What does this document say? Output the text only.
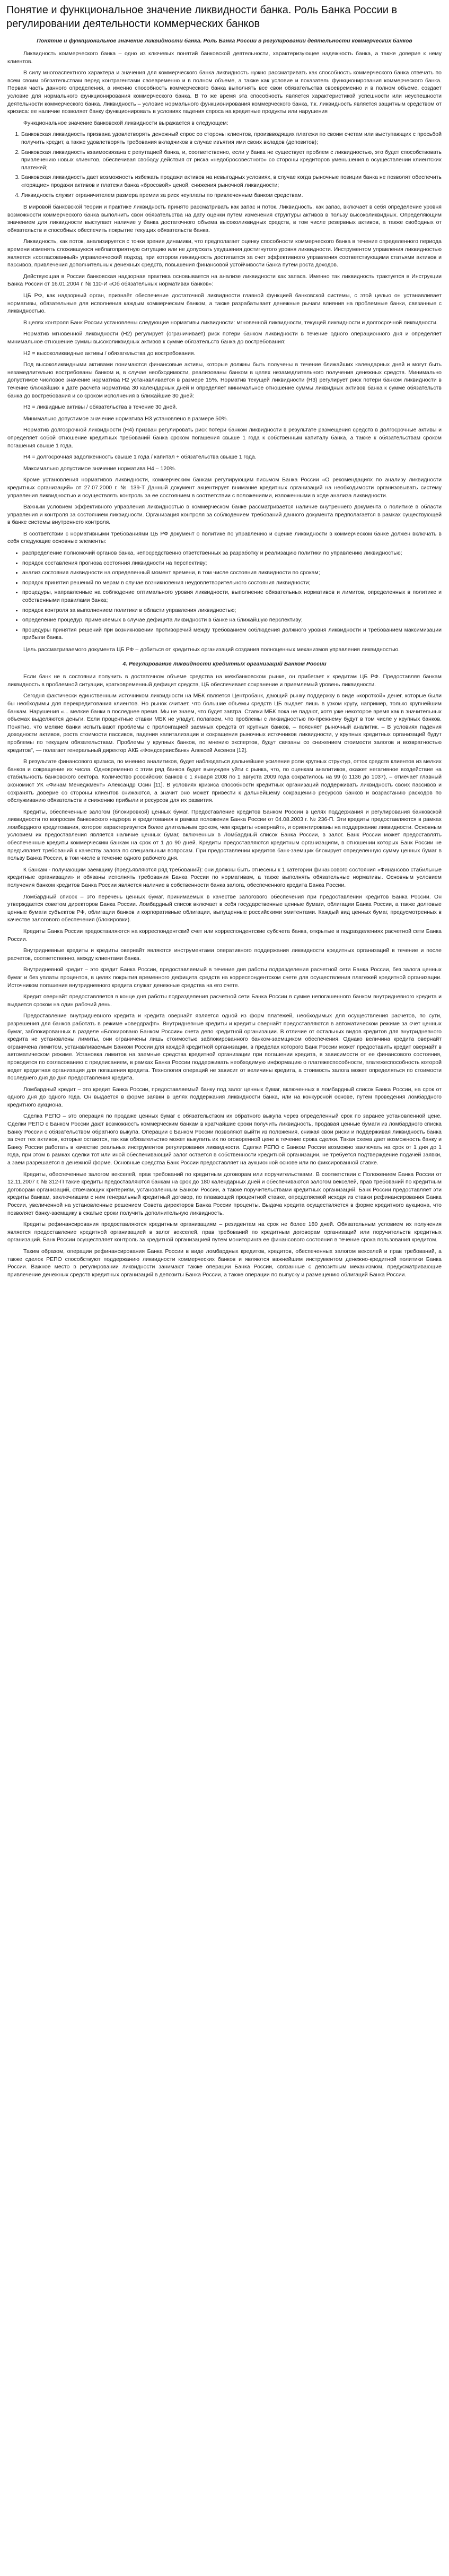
Понятие и функциональное значение ликвидности банка. Роль Банка России в регулировании деятельности коммерческих банков
Понятие и функциональное значение ликвидности банка. Роль Банка России в регулировании деятельности коммерческих банков

Ликвидность коммерческого банка – одно из ключевых понятий банковской деятельности, характеризующее надежность банка, а также доверие к нему клиентов.

В силу многоаспектного характера и значения для коммерческого банка ликвидность нужно рассматривать как способность коммерческого банка отвечать по всем своим обязательствам перед контрагентами своевременно и в полном объеме, а также как условие и показатель функционирования коммерческого банка. Первая часть данного определения, а именно способность коммерческого банка выполнять все свои обязательства своевременно и в полном объеме, создает условие для нормального функционирования коммерческого банка. В то же время эта способность является характеристикой успешности или неуспешности деятельности коммерческого банка. Ликвидность – условие нормального функционирования коммерческого банка, т.к. ликвидность является защитным средством от кризиса: ее наличие позволяет банку функционировать в условиях падения спроса на кредитные продукты или нарушения

Функциональное значение банковской ликвидности выражается в следующем:

1. Банковская ликвидность призвана удовлетворять денежный спрос со стороны клиентов, произвводящих платежи по своим счетам или выступающих с просьбой получить кредит, а также удовлетворять требования вкладчиков в случае изъятия ими своих вкладов (депозитов);
2. Банковская ликвидность взаимосвязана с репутацией банка, и, соответственно, если у банка не существует проблем с ликвидностью, это будет способствовать привлечению новых клиентов, обеспечивая свободу действия от риска «недобросовестного» со стороны кредиторов уменьшения в осуществлении клиентских платежей;
3. Банковская ликвидность дает возможность избежать продажи активов на невыгодных условиях, в случае когда рыночные позиции банка не позволят обеспечить «горящие» продажи активов и платежи банка «бросовой» ценой, снижения рыночной ликвидности;
4. Ликвидность служит ограничителем размера премии за риск неуплаты по привлеченным банком средствам.

В мировой банковской теории и практике ликвидность принято рассматривать как запас и поток. Ликвидность, как запас, включает в себя определение уровня возможности коммерческого банка выполнить свои обязательства на дату оценки путем изменения структуры активов в пользу высоколиквидных. Определяющим значением для ликвидности выступает наличие у банка достаточного объема высоколиквидных средств, в том числе резервных активов, а также свободных от обязательств и способных обеспечить покрытие текущих обязательств банка.

Ликвидность, как поток, анализируется с точки зрения динамики, что предполагает оценку способности коммерческого банка в течение определенного периода времени изменять сложившуюся неблагоприятную ситуацию или не допускать ухудшения достигнутого уровня ликвидности. Инструментом управления ликвидностью является «согласованный» управленческий подход, при котором ликвидность достигается за счет эффективного управления соответствующими статьями активов и пассивов, привлечения дополнительных денежных средств, повышения финансовой устойчивости банка путем роста доходов.

Действующая в России банковская надзорная практика основывается на анализе ликвидности как запаса. Именно так ликвидность трактуется в Инструкции Банка России от 16.01.2004 г. № 110-И «Об обязательных нормативах банков»:

ЦБ РФ, как надзорный орган, признаёт обеспечение достаточной ликвидности главной функцией банковской системы, с этой целью он устанавливает нормативы, обязательные для исполнения каждым коммерческим банком, а также разрабатывает денежные рычаги влияния на проблемные банки, связанные с ликвидностью.

В целях контроля Банк России установлены следующие нормативы ликвидности: мгновенной ликвидности, текущей ликвидности и долгосрочной ликвидности.

Норматив мгновенной ликвидности (Н2) регулирует (ограничивает) риск потери банком ликвидности в течение одного операционного дня и определяет минимальное отношение суммы высоколиквидных активов к сумме обязательств банка до востребования:

Н2 = высоколиквидные активы / обязательства до востребования.

Под высоколиквидными активами понимаются финансовые активы, которые должны быть получены в течение ближайших календарных дней и могут быть незамедлительно востребованы банком и, в случае необходимости, реализованы банком в целях незамедлительного получения денежных средств. Минимально допустимое числовое значение норматива Н2 устанавливается в размере 15%. Норматив текущей ликвидности (Н3) регулирует риск потери банком ликвидности в течение ближайших к дате расчета норматива 30 календарных дней и определяет минимальное отношение суммы ликвидных активов банка к сумме обязательств банка до востребования и со сроком исполнения в ближайшие 30 дней:

Н3 = ликвидные активы / обязательства в течение 30 дней.

Минимально допустимое значение норматива Н3 установлено в размере 50%.

Норматив долгосрочной ликвидности (Н4) призван регулировать риск потери банком ликвидности в результате размещения средств в долгосрочные активы и определяет собой отношение кредитных требований банка сроком погашения свыше 1 года к собственным капиталу банка, а также к обязательствам сроком погашения свыше 1 года.

Н4 = долгосрочная задолженность свыше 1 года / капитал + обязательства свыше 1 года.

Максимально допустимое значение норматива Н4 – 120%.

Кроме установления нормативов ликвидности, коммерческим банкам регулирующим письмом Банка России «О рекомендациях по анализу ликвидности кредитных организаций» от 27.07.2000 г. № 139-Т Данный документ акцентирует внимание кредитных организаций на необходимости организовывать систему управления ликвидностью и осуществлять контроль за ее состоянием в соответствии с положениями, изложенными в ходе анализа ликвидности.

Важным условием эффективного управления ликвидностью в коммерческом банке рассматривается наличие внутреннего документа о политике в области управления и контроля за состоянием ликвидности. Организация контроля за соблюдением требований данного документа предполагается в рамках существующей в банке системы внутреннего контроля.

В соответствии с нормативными требованиями ЦБ РФ документ о политике по управлению и оценке ликвидности в коммерческом банке должен включать в себя следующие основные элементы:

• распределение полномочий органов банка, непосредственно ответственных за разработку и реализацию политики по управлению ликвидностью;
• порядок составления прогноза состояния ликвидности на перспективу;
• анализ состояния ликвидности на определенный момент времени, в том числе состояния ликвидности по срокам;
• порядок принятия решений по мерам в случае возникновения неудовлетворительного состояния ликвидности;
• процедуры, направленные на соблюдение оптимального уровня ликвидности, выполнение обязательных нормативов и лимитов, определенных в политике и собственными правилами банка;
• порядок контроля за выполнением политики в области управления ликвидностью;
• определение процедур, применяемых в случае дефицита ликвидности в банке на ближайшую перспективу;
• процедуры принятия решений при возникновении противоречий между требованием соблюдения должного уровня ликвидности и требованием максимизации прибыли банка.

Цель рассматриваемого документа ЦБ РФ – добиться от кредитных организаций создания полноценных механизмов управления ликвидностью.

4. Регулирование ликвидности кредитных организаций Банком России

Если банк не в состоянии получить в достаточном объеме средства на межбанковском рынке, он прибегает к кредитам ЦБ РФ. Предоставляя банкам ликвидность в проблемной ситуации, кратковременный дефицит средств, ЦБ обеспечивает сохранение и приемлемый уровень ликвидности.

Сегодня фактически единственным источником ликвидности на МБК является Центробанк, дающий рынку поддержку в виде «короткой» денег, которые были бы необходимы для перекредитования клиентов. Но рынок считает, что большие объемы средств ЦБ выдает лишь в узком кругу, например, только крупнейшим банкам. Нарушения «... мелкие банки в последнее время. Мы не знаем, что будет завтра. Ставки МБК пока не падают, хотя уже некоторое время как в значительных объемах выделяются деньги. Если процентные ставки МБК не упадут, полагаем, что проблемы с ликвидностью по-прежнему будут в том числе у крупных банков. Понятно, что мелкие банки испытывают проблемы с пролонгацией заемных средств от крупных банков, – поясняет рыночный аналитик. – В условиях падения доходности активов, роста стоимости пассивов, падения капитализации и сокращения рыночных источников ликвидности, у крупных кредитных организаций будут проблемы по текущим обязательствам. Проблемы у крупных банков, по мнению экспертов, будут связаны со снижением стоимости залогов и возвратностью кредитов", — полагает генеральный директор АКБ «Фондсервисбанк» Алексей Аксенов [12].

В результате финансового кризиса, по мнению аналитиков, будет наблюдаться дальнейшее усиление роли крупных структур, отток средств клиентов из мелких банков и сокращение их числа. Одновременно с этим ряд банков будет вынужден уйти с рынка, что, по оценкам аналитиков, окажет негативное воздействие на стабильность банковского сектора. Количество российских банков с 1 января 2008 по 1 августа 2009 года сократилось на 99 (с 1136 до 1037), – отмечает главный экономист УК «Финам Менеджмент» Александр Осин [11]. В условиях кризиса способности кредитных организаций поддерживать ликвидность своих пассивов и сохранять доверие со стороны клиентов снижаются, а значит оно может привести к дальнейшему сокращению ресурсов банков и возрастанию расходов по обслуживанию обязательств и снижению прибыли и ресурсов для их развития.

Кредиты, обеспеченные залогом (блокировкой) ценных бумаг. Предоставление кредитов Банком России в целях поддержания и регулирования банковской ликвидности по вопросам банковского надзора и кредитования в рамках положения Банка России от 04.08.2003 г. № 236-П. Эти кредиты предоставляются в рамках ломбардного кредитования, которое характеризуется более длительным сроком, чем кредиты «овернайт», и ориентированы на поддержание ликвидности. Основным условием их предоставления является наличие ценных бумаг, включенных в Ломбардный список Банка России, в залог. Банк России может предоставлять обеспеченные кредиты коммерческим банкам на срок от 1 до 90 дней. Кредиты предоставляются кредитным организациям, в отношении которых Банк России не предъявляет требований к качеству залога по специальным вопросам. При предоставлении кредитов банк-заемщик блокирует определенную сумму ценных бумаг в пользу Банка России, в том числе в течение одного рабочего дня.

К банкам - получающим заемщику (предъявляются ряд требований): они должны быть отнесены к 1 категории финансового состояния «Финансово стабильные кредитные организации» и обязаны исполнять требования Банка России по нормативам, а также выполнять обязательные нормативы. Основным условием получения банком кредитов Банка России является наличие в собственности банка залога, обеспеченного кредита Банка России.

Ломбардный список – это перечень ценных бумаг, принимаемых в качестве залогового обеспечения при предоставлении кредитов Банка России. Он утверждается советом директоров Банка России. Ломбардный список включает в себя государственные ценные бумаги, облигации Банка России, а также долговые ценные бумаги субъектов РФ, облигации банков и корпоративные облигации, выпущенные российскими эмитентами. Каждый вид ценных бумаг, предусмотренных в качестве залогового обеспечения (блокировки).

Кредиты Банка России предоставляются на корреспондентский счет или корреспондентские субсчета банка, открытые в подразделениях расчетной сети Банка России.

Внутридневные кредиты и кредиты овернайт являются инструментами оперативного поддержания ликвидности кредитных организаций в течение и после расчетов, соответственно, между клиентами банка.

Внутридневной кредит – это кредит Банка России, предоставляемый в течение дня работы подразделения расчетной сети Банка России, без залога ценных бумаг и без уплаты процентов, в целях покрытия временного дефицита средств на корреспондентском счете для осуществления платежей кредитной организации. Источником погашения внутридневного кредита служат денежные средства на его счете.

Кредит овернайт предоставляется в конце дня работы подразделения расчетной сети Банка России в сумме непогашенного банком внутридневного кредита и выдается сроком на один рабочий день.

Предоставление внутридневного кредита и кредита овернайт является одной из форм платежей, необходимых для осуществления расчетов, по сути, разрешения для банков работать в режиме «овердрафт». Внутридневные кредиты и кредиты овернайт предоставляются в автоматическом режиме за счет ценных бумаг, заблокированных в разделе «Блокировано Банком России» счета депо кредитной организации. В отличие от остальных видов кредитов для внутридневного кредита не установлены лимиты, они ограничены лишь стоимостью заблокированного банком-заемщиком обеспечения. Однако величина кредита овернайт ограничена лимитом, устанавливаемым Банком России для каждой кредитной организации, в пределах которого Банк России может предоставить кредит овернайт в автоматическом режиме. Установка лимитов на заемные средства кредитной организации при погашении кредита, в зависимости от ее финансового состояния, проводится по согласованию с предписанием, в рамках Банка России поддерживать необходимую информацию о платежеспособности, платежеспособность которой ведет кредитная организация для погашения кредита. Технология операций не зависит от величины кредита, а стоимость залога может определяться по стоимости последнего дня до дня предоставления кредита.

Ломбардный кредит – это кредит Банка России, предоставляемый банку под залог ценных бумаг, включенных в ломбардный список Банка России, на срок от одного дня до одного года. Он выдается в форме заявки в целях поддержания ликвидности банка, или на конкурсной основе, путем проведения ломбардного кредитного аукциона.

Сделка РЕПО – это операция по продаже ценных бумаг с обязательством их обратного выкупа через определенный срок по заранее установленной цене. Сделки РЕПО с Банком России дают возможность коммерческим банкам в кратчайшие сроки получить ликвидность, продавая ценные бумаги из ломбардного списка Банку России с обязательством обратного выкупа. Операции с Банком России позволяют выйти из положения, снижая свои риски и поддерживая ликвидность банка за счет тех активов, которые остаются, так как обязательство может выкупить их по оговоренной цене в течение срока сделки. Такая схема дает возможность банку и Банку России работать в качестве реальных инструментов регулирования ликвидности. Сделки РЕПО с Банком России возможно заключать на срок от 1 дня до 1 года, при этом в рамках сделки тот или иной обеспечивающий залог остается в собственности кредитной организации, не требуется подтверждение подачей заявки, а заем разрешается в денежной форме. Основные средства Банк России предоставляет на аукционной основе или по фиксированной ставке.

Кредиты, обеспеченные залогом векселей, прав требований по кредитным договорам или поручительствами. В соответствии с Положением Банка России от 12.11.2007 г. № 312-П такие кредиты предоставляются банкам на срок до 180 календарных дней и обеспечиваются залогом векселей, прав требований по кредитным договорам организаций, отвечающих критериям, установленным Банком России, а также поручительствами кредитных организаций. Банк России предоставляет эти кредиты банкам, заключившим с ним генеральный кредитный договор, по плавающей процентной ставке, определяемой исходя из ставки рефинансирования Банка России, увеличенной на установленные решением Совета директоров Банка России проценты. Выдача кредита осуществляется в форме кредитного аукциона, что позволяет банку-заемщику в сжатые сроки получить дополнительную ликвидность.

Кредиты рефинансирования предоставляются кредитным организациям – резидентам на срок не более 180 дней. Обязательным условием их получения является предоставление кредитной организацией в залог векселей, прав требований по кредитным договорам организаций или поручительств кредитных организаций. Банк России осуществляет контроль за кредитной организацией путем мониторинга ее финансового состояния в течение срока пользования кредитом.

Таким образом, операции рефинансирования Банка России в виде ломбардных кредитов, кредитов, обеспеченных залогом векселей и прав требований, а также сделок РЕПО способствуют поддержанию ликвидности коммерческих банков и являются важнейшим инструментом денежно-кредитной политики Банка России. Важное место в регулировании ликвидности занимают также операции Банка России, связанные с депозитным механизмом, предусматривающие привлечение денежных средств кредитных организаций в депозиты Банка России, а также операции по выпуску и размещению облигаций Банка России.
